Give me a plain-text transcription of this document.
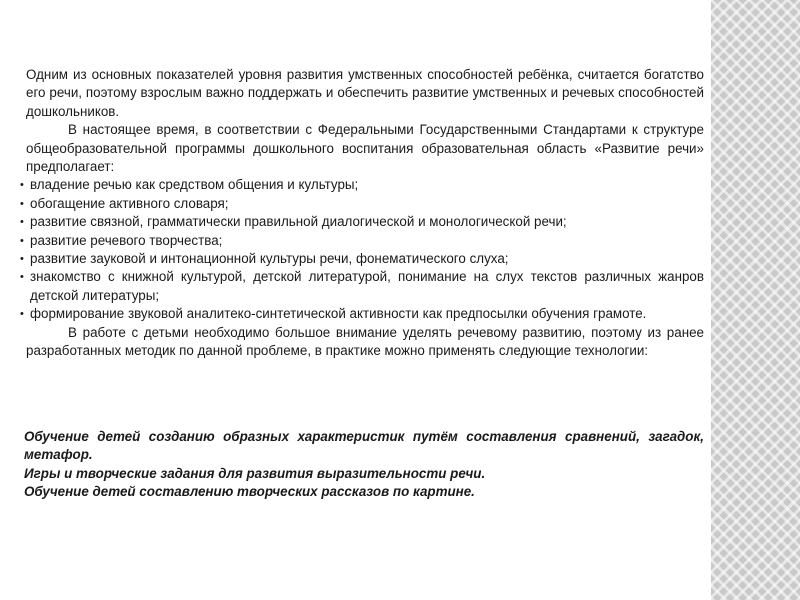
Одним из основных показателей уровня развития умственных способностей ребёнка, считается богатство его речи, поэтому взрослым важно поддержать и обеспечить развитие умственных и речевых способностей дошкольников.

В настоящее время, в соответствии с Федеральными Государственными Стандартами к структуре общеобразовательной программы дошкольного воспитания образовательная область «Развитие речи» предполагает:

• владение речью как средством общения и культуры;
• обогащение активного словаря;
• развитие связной, грамматически правильной диалогической и монологической речи;
• развитие речевого творчества;
• развитие зауковой и интонационной культуры речи, фонематического слуха;
• знакомство с книжной культурой, детской литературой, понимание на слух текстов различных жанров детской литературы;
• формирование звуковой аналитеко-синтетической активности как предпосылки обучения грамоте.

В работе с детьми необходимо большое внимание уделять речевому развитию, поэтому из ранее разработанных методик по данной проблеме, в практике можно применять следующие технологии:

Обучение детей созданию образных характеристик путём составления сравнений, загадок, метафор.

Игры и творческие задания для развития выразительности речи.

Обучение детей составлению творческих рассказов по картине.
